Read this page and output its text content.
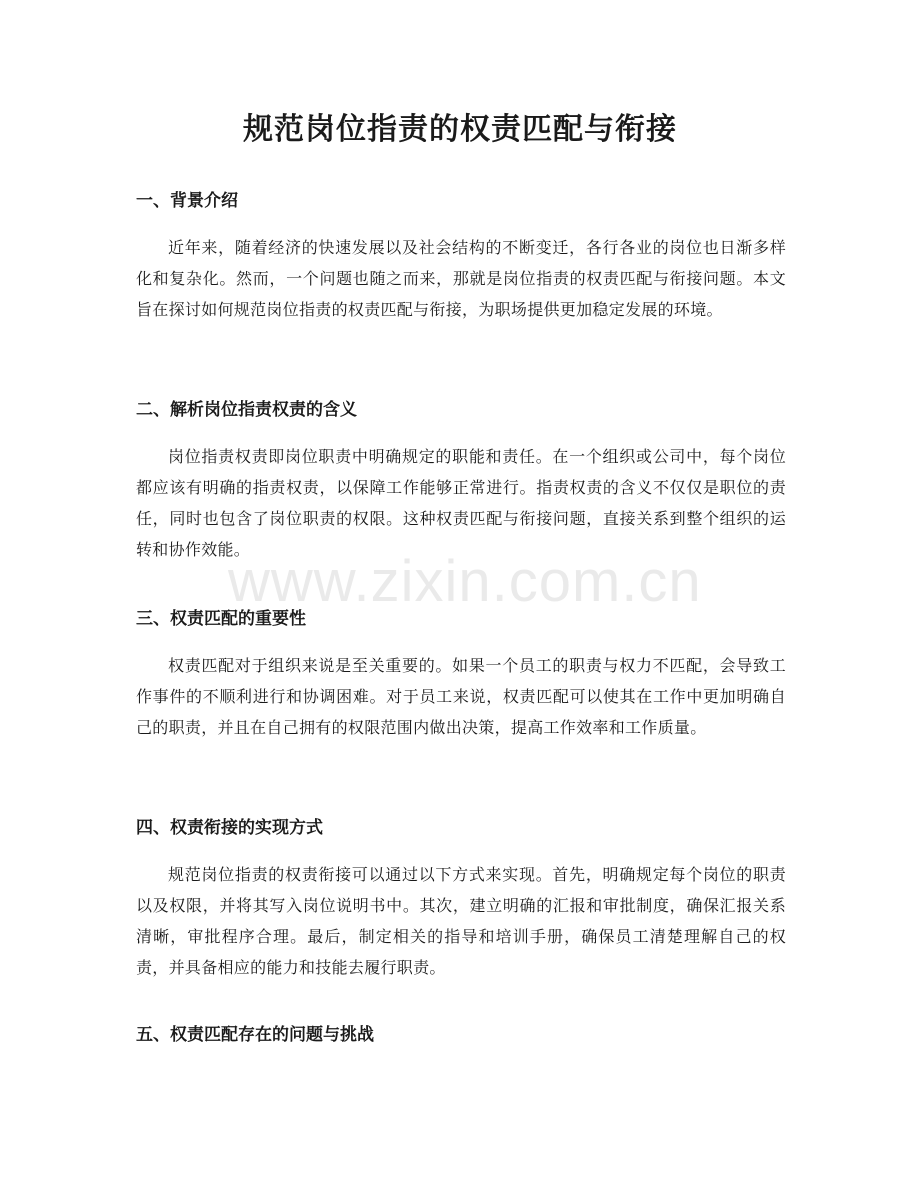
规范岗位指责的权责匹配与衔接
一、背景介绍

近年来，随着经济的快速发展以及社会结构的不断变迁，各行各业的岗位也日渐多样化和复杂化。然而，一个问题也随之而来，那就是岗位指责的权责匹配与衔接问题。本文旨在探讨如何规范岗位指责的权责匹配与衔接，为职场提供更加稳定发展的环境。

二、解析岗位指责权责的含义

岗位指责权责即岗位职责中明确规定的职能和责任。在一个组织或公司中，每个岗位都应该有明确的指责权责，以保障工作能够正常进行。指责权责的含义不仅仅是职位的责任，同时也包含了岗位职责的权限。这种权责匹配与衔接问题，直接关系到整个组织的运转和协作效能。

三、权责匹配的重要性

权责匹配对于组织来说是至关重要的。如果一个员工的职责与权力不匹配，会导致工作事件的不顺利进行和协调困难。对于员工来说，权责匹配可以使其在工作中更加明确自己的职责，并且在自己拥有的权限范围内做出决策，提高工作效率和工作质量。

四、权责衔接的实现方式

规范岗位指责的权责衔接可以通过以下方式来实现。首先，明确规定每个岗位的职责以及权限，并将其写入岗位说明书中。其次，建立明确的汇报和审批制度，确保汇报关系清晰，审批程序合理。最后，制定相关的指导和培训手册，确保员工清楚理解自己的权责，并具备相应的能力和技能去履行职责。

五、权责匹配存在的问题与挑战
www.zixin.com.cn
